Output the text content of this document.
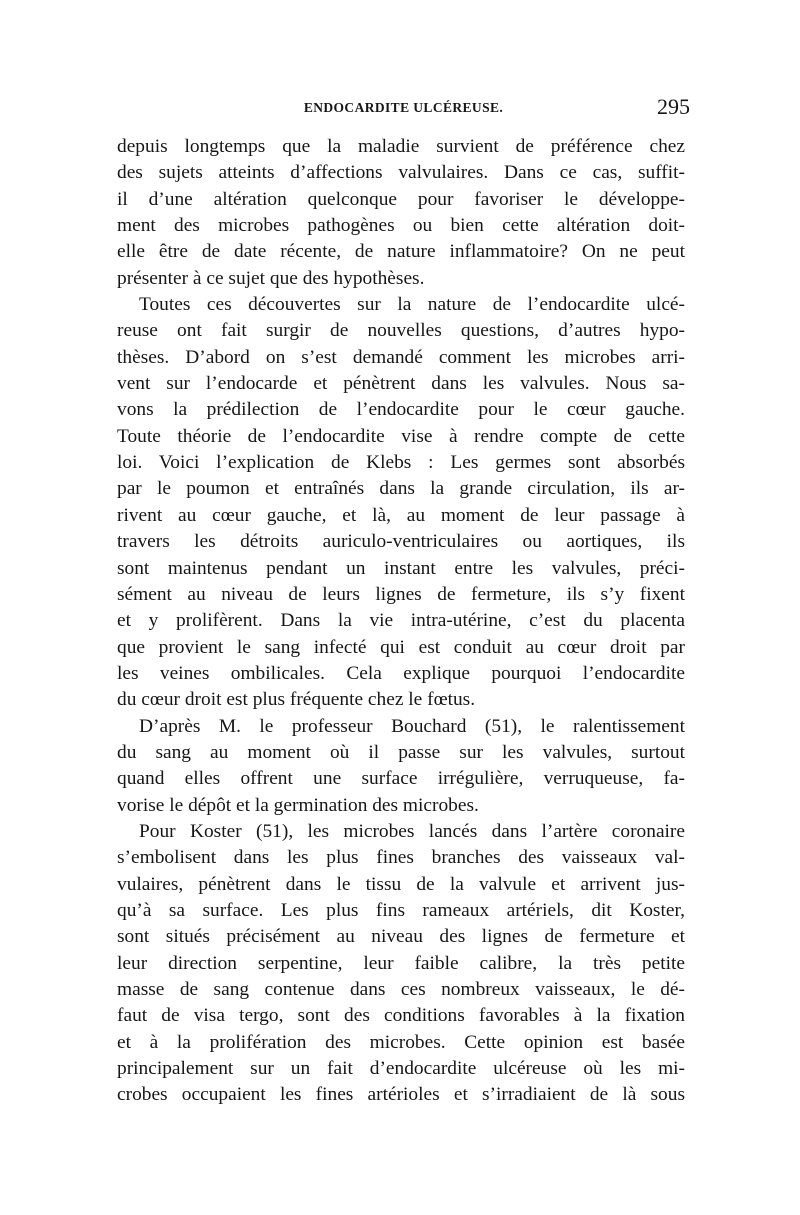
ENDOCARDITE ULCÉREUSE.	295
depuis longtemps que la maladie survient de préférence chez
des sujets atteints d’affections valvulaires. Dans ce cas, suffit-
il d’une altération quelconque pour favoriser le développe-
ment des microbes pathogènes ou bien cette altération doit-
elle être de date récente, de nature inflammatoire? On ne peut
présenter à ce sujet que des hypothèses.
Toutes ces découvertes sur la nature de l’endocardite ulcé-
reuse ont fait surgir de nouvelles questions, d’autres hypo-
thèses. D’abord on s’est demandé comment les microbes arri-
vent sur l’endocarde et pénètrent dans les valvules. Nous sa-
vons la prédilection de l’endocardite pour le cœur gauche.
Toute théorie de l’endocardite vise à rendre compte de cette
loi. Voici l’explication de Klebs : Les germes sont absorbés
par le poumon et entraînés dans la grande circulation, ils ar-
rivent au cœur gauche, et là, au moment de leur passage à
travers les détroits auriculo-ventriculaires ou aortiques, ils
sont maintenus pendant un instant entre les valvules, préci-
sément au niveau de leurs lignes de fermeture, ils s’y fixent
et y prolifèrent. Dans la vie intra-utérine, c’est du placenta
que provient le sang infecté qui est conduit au cœur droit par
les veines ombilicales. Cela explique pourquoi l’endocardite
du cœur droit est plus fréquente chez le fœtus.
D’après M. le professeur Bouchard (51), le ralentissement
du sang au moment où il passe sur les valvules, surtout
quand elles offrent une surface irrégulière, verruqueuse, fa-
vorise le dépôt et la germination des microbes.
Pour Koster (51), les microbes lancés dans l’artère coronaire
s’embolisent dans les plus fines branches des vaisseaux val-
vulaires, pénètrent dans le tissu de la valvule et arrivent jus-
qu’à sa surface. Les plus fins rameaux artériels, dit Koster,
sont situés précisément au niveau des lignes de fermeture et
leur direction serpentine, leur faible calibre, la très petite
masse de sang contenue dans ces nombreux vaisseaux, le dé-
faut de visa tergo, sont des conditions favorables à la fixation
et à la prolifération des microbes. Cette opinion est basée
principalement sur un fait d’endocardite ulcéreuse où les mi-
crobes occupaient les fines artérioles et s’irradiaient de là sous
